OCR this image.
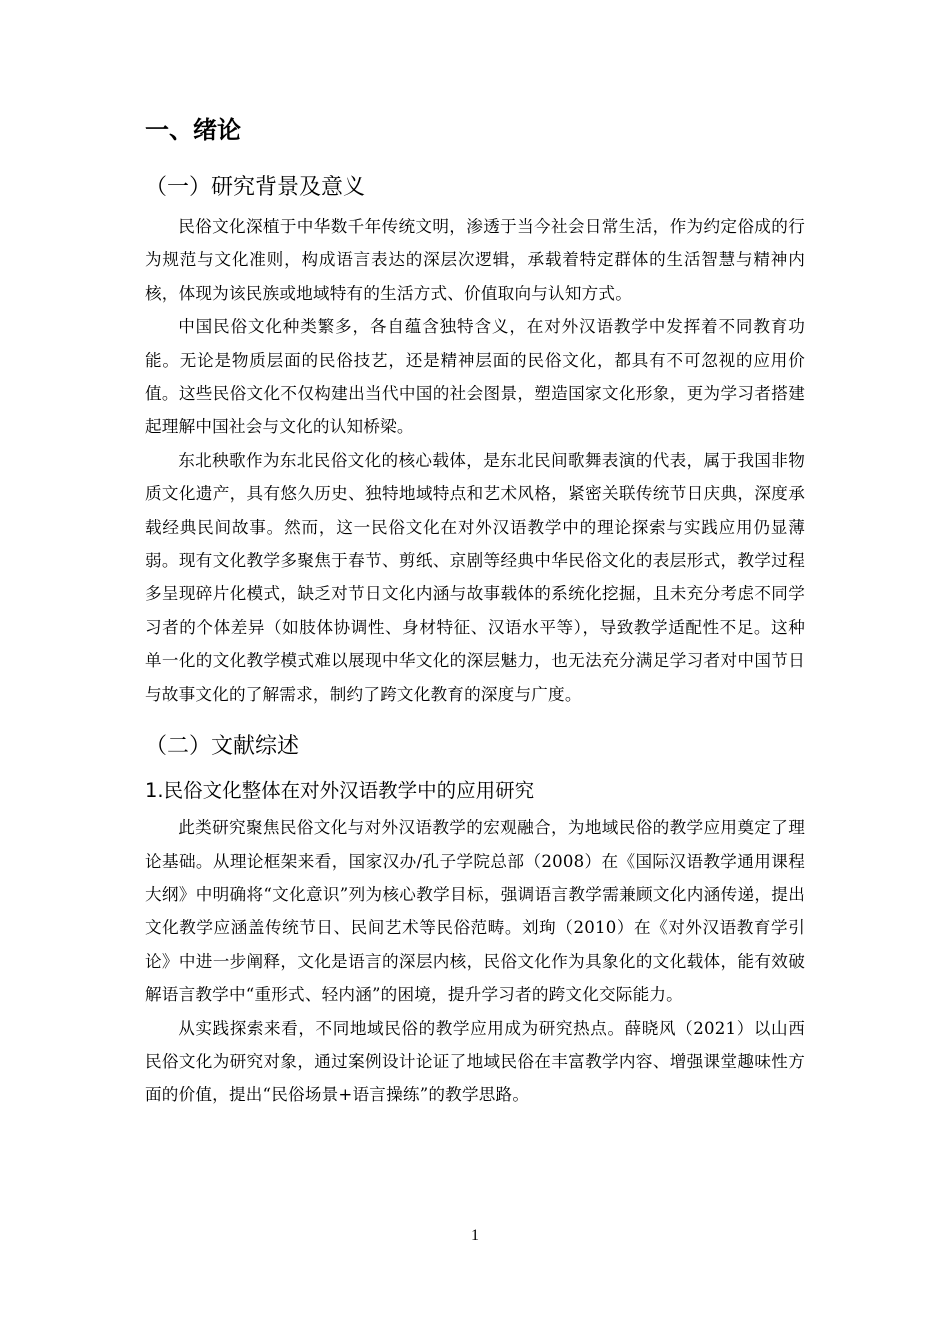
一、绪论
（一）研究背景及意义

民俗文化深植于中华数千年传统文明，渗透于当今社会日常生活，作为约定俗成的行为规范与文化准则，构成语言表达的深层次逻辑，承载着特定群体的生活智慧与精神内核，体现为该民族或地域特有的生活方式、价值取向与认知方式。

中国民俗文化种类繁多，各自蕴含独特含义，在对外汉语教学中发挥着不同教育功能。无论是物质层面的民俗技艺，还是精神层面的民俗文化，都具有不可忽视的应用价值。这些民俗文化不仅构建出当代中国的社会图景，塑造国家文化形象，更为学习者搭建起理解中国社会与文化的认知桥梁。

东北秧歌作为东北民俗文化的核心载体，是东北民间歌舞表演的代表，属于我国非物质文化遗产，具有悠久历史、独特地域特点和艺术风格，紧密关联传统节日庆典，深度承载经典民间故事。然而，这一民俗文化在对外汉语教学中的理论探索与实践应用仍显薄弱。现有文化教学多聚焦于春节、剪纸、京剧等经典中华民俗文化的表层形式，教学过程多呈现碎片化模式，缺乏对节日文化内涵与故事载体的系统化挖掘，且未充分考虑不同学习者的个体差异（如肢体协调性、身材特征、汉语水平等），导致教学适配性不足。这种单一化的文化教学模式难以展现中华文化的深层魅力，也无法充分满足学习者对中国节日与故事文化的了解需求，制约了跨文化教育的深度与广度。

（二）文献综述
1.民俗文化整体在对外汉语教学中的应用研究

此类研究聚焦民俗文化与对外汉语教学的宏观融合，为地域民俗的教学应用奠定了理论基础。从理论框架来看，国家汉办/孔子学院总部（2008）在《国际汉语教学通用课程大纲》中明确将“文化意识”列为核心教学目标，强调语言教学需兼顾文化内涵传递，提出文化教学应涵盖传统节日、民间艺术等民俗范畴。刘珣（2010）在《对外汉语教育学引论》中进一步阐释，文化是语言的深层内核，民俗文化作为具象化的文化载体，能有效破解语言教学中“重形式、轻内涵”的困境，提升学习者的跨文化交际能力。

从实践探索来看，不同地域民俗的教学应用成为研究热点。薛晓风（2021）以山西民俗文化为研究对象，通过案例设计论证了地域民俗在丰富教学内容、增强课堂趣味性方面的价值，提出“民俗场景+语言操练”的教学思路。

1
